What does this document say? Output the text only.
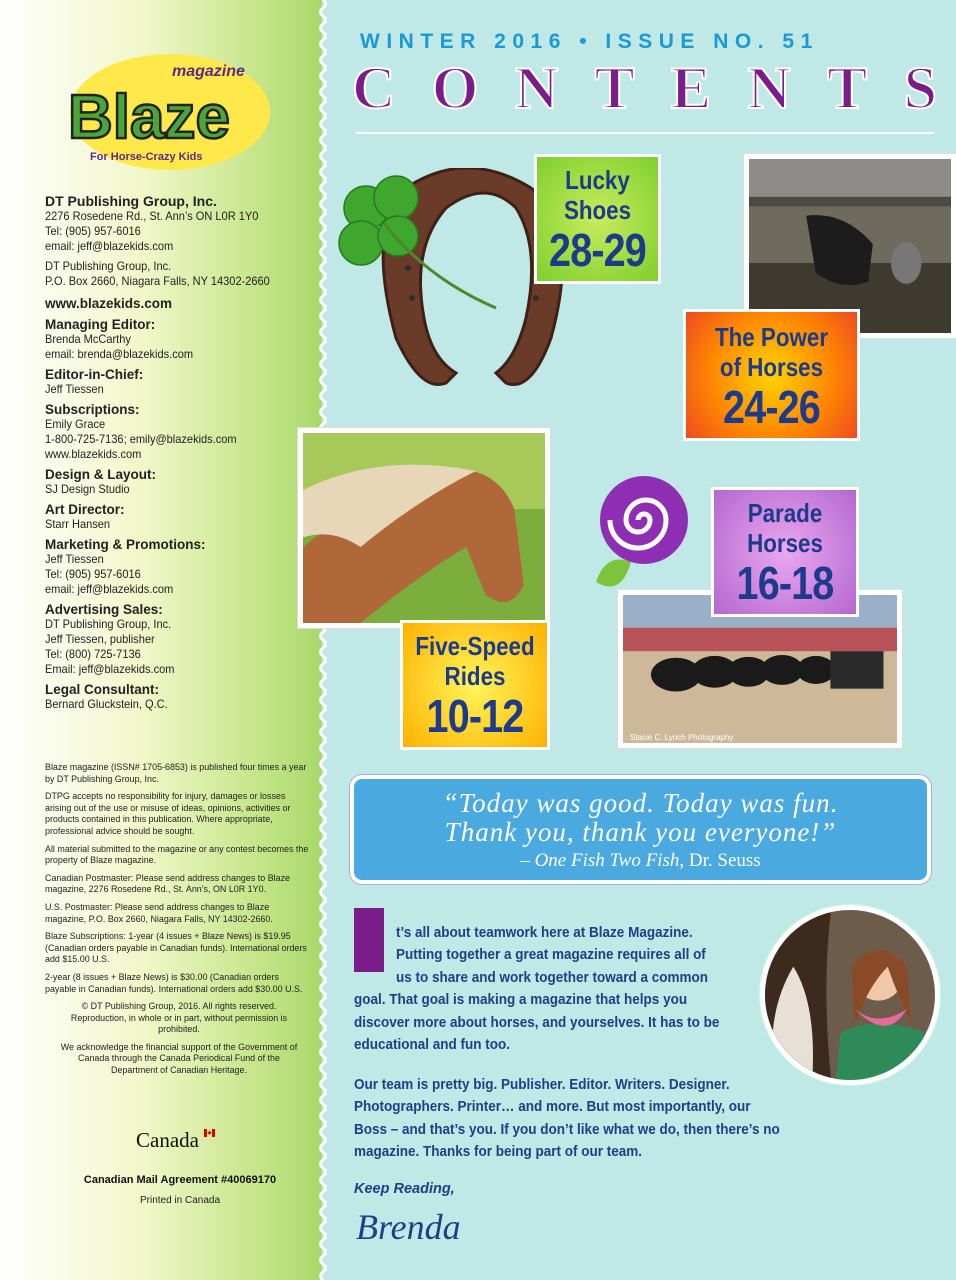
Blaze
magazine
For Horse-Crazy Kids
DT Publishing Group, Inc.
2276 Rosedene Rd., St. Ann’s ON L0R 1Y0
Tel: (905) 957-6016
email: jeff@blazekids.com
DT Publishing Group, Inc.
P.O. Box 2660, Niagara Falls, NY 14302-2660
www.blazekids.com
Managing Editor:
Brenda McCarthy
email: brenda@blazekids.com
Editor-in-Chief:
Jeff Tiessen
Subscriptions:
Emily Grace
1-800-725-7136; emily@blazekids.com
www.blazekids.com
Design & Layout:
SJ Design Studio
Art Director:
Starr Hansen
Marketing & Promotions:
Jeff Tiessen
Tel: (905) 957-6016
email: jeff@blazekids.com
Advertising Sales:
DT Publishing Group, Inc.
Jeff Tiessen, publisher
Tel: (800) 725-7136
Email: jeff@blazekids.com
Legal Consultant:
Bernard Gluckstein, Q.C.

Blaze magazine (ISSN# 1705-6853) is published four times a year by DT Publishing Group, Inc.

DTPG accepts no responsibility for injury, damages or losses arising out of the use or misuse of ideas, opinions, activities or products contained in this publication. Where appropriate, professional advice should be sought.

All material submitted to the magazine or any contest becomes the property of Blaze magazine.

Canadian Postmaster: Please send address changes to Blaze magazine, 2276 Rosedene Rd., St. Ann’s, ON L0R 1Y0.

U.S. Postmaster: Please send address changes to Blaze magazine, P.O. Box 2660, Niagara Falls, NY 14302-2660.

Blaze Subscriptions: 1-year (4 issues + Blaze News) is $19.95 (Canadian orders payable in Canadian funds). International orders add $15.00 U.S.

2-year (8 issues + Blaze News) is $30.00 (Canadian orders payable in Canadian funds). International orders add $30.00 U.S.

© DT Publishing Group, 2016. All rights reserved. Reproduction, in whole or in part, without permission is prohibited.

We acknowledge the financial support of the Government of Canada through the Canada Periodical Fund of the Department of Canadian Heritage.

Canada
Canadian Mail Agreement #40069170
Printed in Canada
WINTER 2016 • ISSUE NO. 51
CONTENTS
Stacie C. Lynch Photography
Lucky
Shoes
28-29
The Power
of Horses
24-26
Parade
Horses
16-18
Five-Speed
Rides
10-12
“Today was good. Today was fun.
Thank you, thank you everyone!”
– One Fish Two Fish, Dr. Seuss
t’s all about teamwork here at Blaze Magazine.
Putting together a great magazine requires all of
us to share and work together toward a common
goal. That goal is making a magazine that helps you
discover more about horses, and yourselves. It has to be
educational and fun too.
Our team is pretty big. Publisher. Editor. Writers. Designer.
Photographers. Printer… and more. But most importantly, our
Boss – and that’s you. If you don’t like what we do, then there’s no
magazine. Thanks for being part of our team.
Keep Reading,
Brenda
